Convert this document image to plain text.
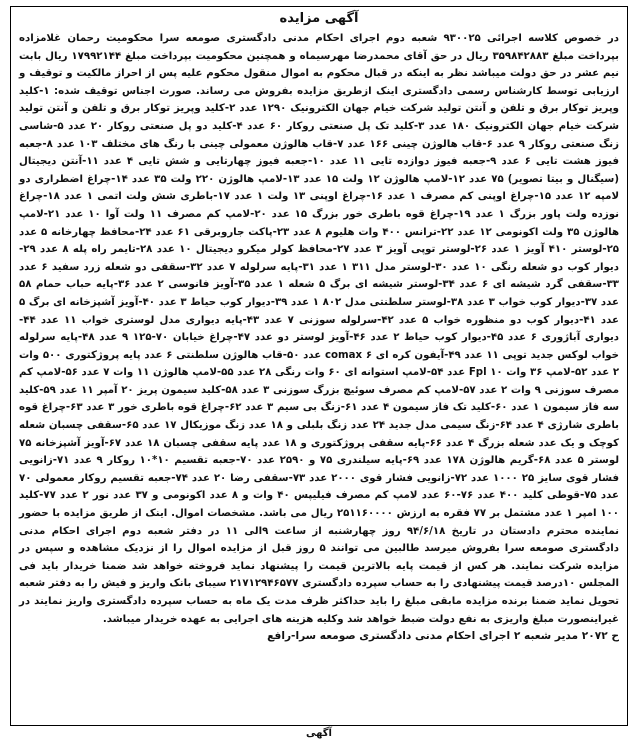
آگهی مزایده
در خصوص کلاسه اجرائی ۹۳۰۰۲۵ شعبه دوم اجرای احکام مدنی دادگستری صومعه سرا محکومیت رحمان غلامزاده بپرداخت مبلغ ۳۵۹۸۴۲۸۸۳ ریال در حق آقای محمدرضا مهرسیماه و همچنین محکومیت بپرداخت مبلغ ۱۷۹۹۲۱۴۴ ریال بابت نیم عشر در حق دولت میباشد نظر به اینکه در قبال محکوم به اموال منقول محکوم علیه پس از احراز مالکیت و توقیف و ارزیابی توسط کارشناس رسمی دادگستری اینک ازطریق مزایده بفروش می رساند. صورت اجناس توقیف شده: ۱-کلید وپریز توکار برق و تلفن و آنتن تولید شرکت خیام جهان الکترونیک ۱۲۹۰ عدد ۲-کلید وپریز توکار برق و تلفن و آنتن تولید شرکت خیام جهان الکترونیک ۱۸۰ عدد ۳-کلید تک پل صنعتی روکار ۶۰ عدد ۴-کلید دو پل صنعتی روکار ۲۰ عدد ۵-شاسی زنگ صنعتی روکار ۹ عدد ۶-قاب هالوژن چینی ۱۶۶ عدد ۷-قاب هالوژن معمولی چینی با رنگ های مختلف ۱۰۳ عدد ۸-جعبه فیوز هشت تایی ۶ عدد ۹-جعبه فیوز دوازده تایی ۱۱ عدد ۱۰-جعبه فیوز چهارتایی و شش تایی ۴ عدد ۱۱-آنتن دیجیتال (سیگنال و بیتا تصویر) ۷۵ عدد ۱۲-لامپ هالوژن ۱۲ ولت ۱۵ عدد ۱۳-لامپ هالوژن ۲۲۰ ولت ۳۵ عدد ۱۴-چراغ اضطراری دو لامپه ۱۲ عدد ۱۵-چراغ اوپنی کم مصرف ۱ عدد ۱۶-چراغ اوپنی ۱۳ ولت ۱ عدد ۱۷-باطری شش ولت اتمی ۱ عدد ۱۸-چراغ نوزده ولت پاور بزرگ ۱ عدد ۱۹-چراغ قوه باطری خور بزرگ ۱۵ عدد ۲۰-لامپ کم مصرف ۱۱ ولت آوا ۱۰ عدد ۲۱-لامپ هالوژن ۳۵ ولت اکونومی ۱۲ عدد ۲۲-ترانس ۴۰۰ وات هلیوم ۸ عدد ۲۳-پاکت جاروبرقی ۶۱ عدد ۲۴-محافظ چهارخانه ۵ عدد ۲۵-لوستر ۴۱۰ آویز ۱ عدد ۲۶-لوستر توپی آویز ۳ عدد ۲۷-محافظ کولر میکرو دیجیتال ۱۰ عدد ۲۸-تایمر راه پله ۸ عدد ۲۹-دیوار کوب دو شعله رنگی ۱۰ عدد ۳۰-لوستر مدل ۳۱۱ ۱ عدد ۳۱-پایه سرلوله ۷ عدد ۳۲-سقفی دو شعله زرد سفید ۶ عدد ۳۳-سقفی گرد شیشه ای ۶ عدد ۳۴-لوستر شیشه ای برگ ۵ شعله ۱ عدد ۳۵-آویز فانوسی ۲ عدد ۳۶-پایه حباب حمام ۵۸ عدد ۳۷-دیوار کوب خواب ۳ عدد ۳۸-لوستر سلطنتی مدل ۸۰۲ ۱ عدد ۳۹-دیوار کوب حیاط ۳ عدد ۴۰-آویز آشپزخانه ای برگ ۵ عدد ۴۱-دیوار کوب دو منظوره خواب ۵ عدد ۴۲-سرلوله سوزنی ۷ عدد ۴۳-پایه دیواری مدل لوستری خواب ۱۱ عدد ۴۴-دیواری آباژوری ۶ عدد ۴۵-دیوار کوب حیاط ۲ عدد ۴۶-آویز لوستر دو عدد ۴۷-چراغ خیابان ۷۰-۱۲۵ ۹ عدد ۴۸-پایه سرلوله خواب لوکس جدید توپی ۱۱ عدد ۴۹-آیفون کره ای comax ۶ عدد ۵۰-قاب هالوژن سلطنتی ۶ عدد پایه پروژکتوری ۵۰۰ وات ۲ عدد ۵۲-لامپ ۳۶ وات Fpl ۱۰ عدد ۵۴-لامپ استوانه ای ۶۰ وات رنگی ۲۸ عدد ۵۵-لامپ هالوژن ۱۱ وات ۷ عدد ۵۶-لامپ کم مصرف سوزنی ۹ وات ۲ عدد ۵۷-لامپ کم مصرف سوئیچ بزرگ سوزنی ۳ عدد ۵۸-کلید سیمون پریز ۲۰ آمپر ۱۱ عدد ۵۹-کلید سه فاز سیمون ۱ عدد ۶۰-کلید تک فاز سیمون ۴ عدد ۶۱-زنگ بی سیم ۳ عدد ۶۲-چراغ قوه باطری خور ۳ عدد ۶۳-چراغ قوه باطری شارژی ۴ عدد ۶۴-زنگ سیمی مدل جدید ۲۴ عدد زنگ بلبلی و ۱۸ عدد زنگ موزیکال ۱۷ عدد ۶۵-سقفی چسبان شعله کوچک و یک عدد شعله بزرگ ۴ عدد ۶۶-پایه سقفی پروژکتوری و ۱۸ عدد پایه سقفی چسبان ۱۸ عدد ۶۷-آویز آشپزخانه ۷۵ لوستر ۵ عدد ۶۸-گریم هالوژن ۱۷۸ عدد ۶۹-پایه سیلندری ۷۵ و ۲۵۹۰ عدد ۷۰-جعبه تقسیم ۱۰*۱۰ روکار ۹ عدد ۷۱-زانویی فشار قوی سایز ۲۵ ۱۰۰۰ عدد ۷۲-زانویی فشار قوی ۲۰۰۰ عدد ۷۳-سقفی رضا ۲۰ عدد ۷۴-جعبه تقسیم روکار معمولی ۷۰ عدد ۷۵-قوطی کلید ۴۰۰ عدد ۷۶-۶۰ عدد لامپ کم مصرف فیلیپس ۴۰ وات و ۸ عدد اکونومی و ۳۷ عدد نور ۲ عدد ۷۷-کلید ۱۰۰ امپر ۱ عدد مشتمل بر ۷۷ فقره به ارزش ۲۵۱۱۶۰۰۰۰ ریال می باشد. مشخصات اموال. اینک از طریق مزایده با حضور نماینده محترم دادستان در تاریخ ۹۴/۶/۱۸ روز چهارشنبه از ساعت ۹الی ۱۱ در دفتر شعبه دوم اجرای احکام مدنی دادگستری صومعه سرا بفروش میرسد طالبین می توانند ۵ روز قبل از مزایده اموال را از نزدیک مشاهده و سپس در مزایده شرکت نمایند. هر کس از قیمت پایه بالاترین قیمت را پیشنهاد نماید فروخته خواهد شد ضمنا خریدار باید فی المجلس ۱۰درصد قیمت پیشنهادی را به حساب سپرده دادگستری ۲۱۷۱۲۹۴۶۵۷۷ سیبای بانک واریز و فیش را به دفتر شعبه تحویل نماید ضمنا برنده مزایده مابقی مبلغ را باید حداکثر ظرف مدت یک ماه به حساب سپرده دادگستری واریز نمایند در غیراینصورت مبلغ واریزی به نفع دولت ضبط خواهد شد وکلیه هزینه های اجرایی به عهده خریدار میباشد.
ح ۲۰۷۲ مدیر شعبه ۲ اجرای احکام مدنی دادگستری صومعه سرا-رافع
آگهی
